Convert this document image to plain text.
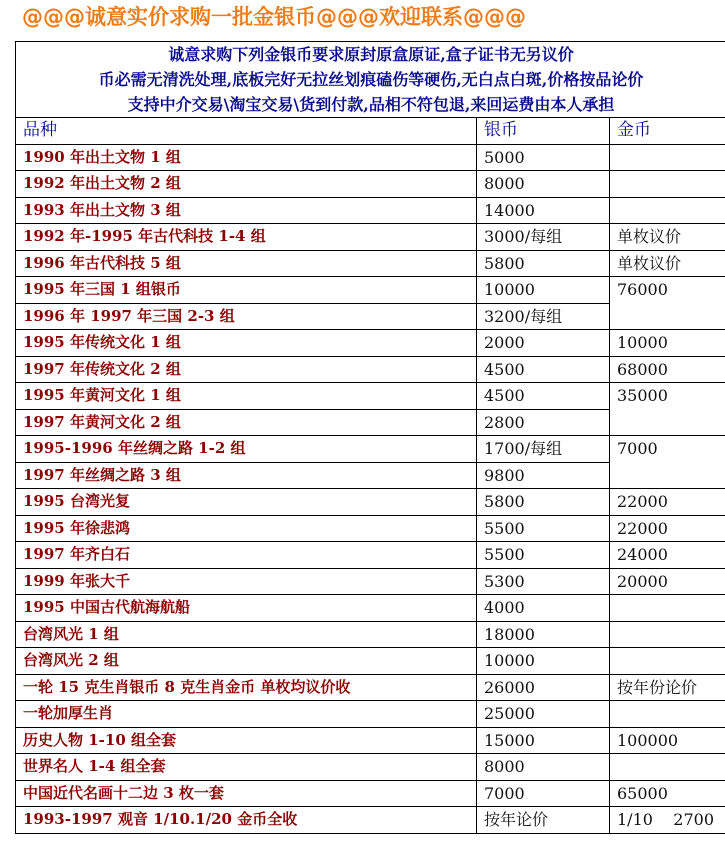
@@@诚意实价求购一批金银币@@@欢迎联系@@@
诚意求购下列金银币要求原封原盒原证,盒子证书无另议价
币必需无清洗处理,底板完好无拉丝划痕磕伤等硬伤,无白点白斑,价格按品论价
支持中介交易\淘宝交易\货到付款,品相不符包退,来回运费由本人承担		

品种	银币	金币
1990 年出土文物 1 组	5000	
1992 年出土文物 2 组	8000	
1993 年出土文物 3 组	14000	
1992 年-1995 年古代科技 1-4 组	3000/每组	单枚议价
1996 年古代科技 5 组	5800	单枚议价
1995 年三国 1 组银币	10000	76000
1996 年 1997 年三国 2-3 组	3200/每组	
1995 年传统文化 1 组	2000	10000
1997 年传统文化 2 组	4500	68000
1995 年黄河文化 1 组	4500	35000
1997 年黄河文化 2 组	2800	
1995-1996 年丝绸之路 1-2 组	1700/每组	7000
1997 年丝绸之路 3 组	9800	
1995 台湾光复	5800	22000
1995 年徐悲鸿	5500	22000
1997 年齐白石	5500	24000
1999 年张大千	5300	20000
1995 中国古代航海航船	4000	
台湾风光 1 组	18000	
台湾风光 2 组	10000	
一轮 15 克生肖银币 8 克生肖金币 单枚均议价收	26000	按年份论价
一轮加厚生肖	25000	
历史人物 1-10 组全套	15000	100000
世界名人 1-4 组全套	8000	
中国近代名画十二边 3 枚一套	7000	65000
1993-1997 观音 1/10.1/20 金币全收	按年论价	1/10    2700
